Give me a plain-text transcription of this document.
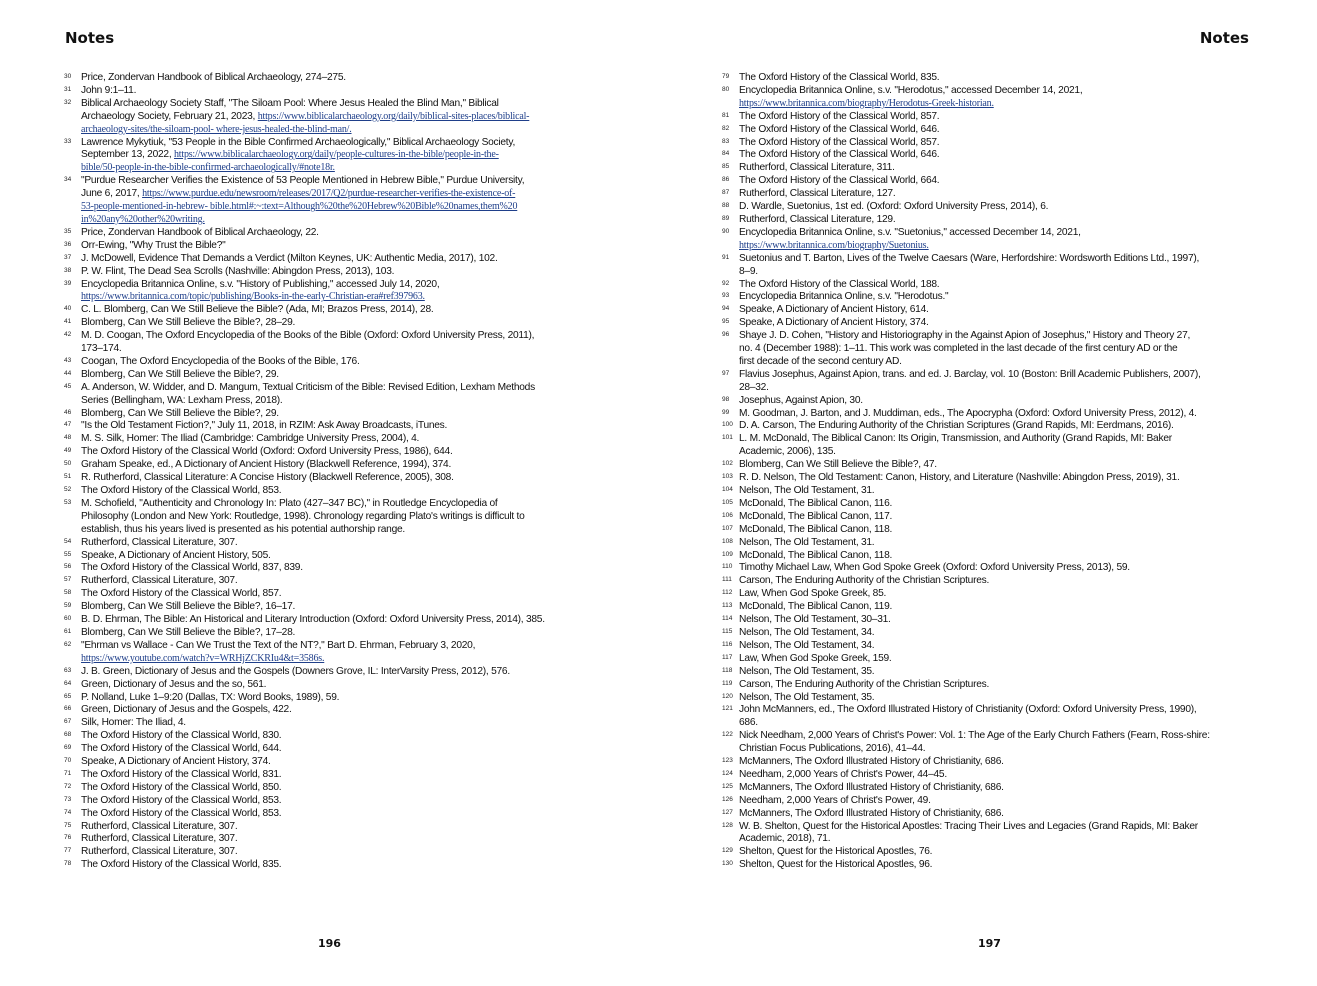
Notes
30 Price, Zondervan Handbook of Biblical Archaeology, 274–275.
31 John 9:1–11.
32 Biblical Archaeology Society Staff, "The Siloam Pool: Where Jesus Healed the Blind Man," Biblical
Archaeology Society, February 21, 2023, https://www.biblicalarchaeology.org/daily/biblical-sites-places/biblical-
archaeology-sites/the-siloam-pool- where-jesus-healed-the-blind-man/.
33 Lawrence Mykytiuk, "53 People in the Bible Confirmed Archaeologically," Biblical Archaeology Society,
September 13, 2022, https://www.biblicalarchaeology.org/daily/people-cultures-in-the-bible/people-in-the-
bible/50-people-in-the-bible-confirmed-archaeologically/#note18r.
34 "Purdue Researcher Verifies the Existence of 53 People Mentioned in Hebrew Bible," Purdue University,
June 6, 2017, https://www.purdue.edu/newsroom/releases/2017/Q2/purdue-researcher-verifies-the-existence-of-
53-people-mentioned-in-hebrew- bible.html#:~:text=Although%20the%20Hebrew%20Bible%20names,them%20
in%20any%20other%20writing.
35 Price, Zondervan Handbook of Biblical Archaeology, 22.
36 Orr-Ewing, "Why Trust the Bible?"
37 J. McDowell, Evidence That Demands a Verdict (Milton Keynes, UK: Authentic Media, 2017), 102.
38 P. W. Flint, The Dead Sea Scrolls (Nashville: Abingdon Press, 2013), 103.
39 Encyclopedia Britannica Online, s.v. "History of Publishing," accessed July 14, 2020,
https://www.britannica.com/topic/publishing/Books-in-the-early-Christian-era#ref397963.
40 C. L. Blomberg, Can We Still Believe the Bible? (Ada, MI; Brazos Press, 2014), 28.
41 Blomberg, Can We Still Believe the Bible?, 28–29.
42 M. D. Coogan, The Oxford Encyclopedia of the Books of the Bible (Oxford: Oxford University Press, 2011),
173–174.
43 Coogan, The Oxford Encyclopedia of the Books of the Bible, 176.
44 Blomberg, Can We Still Believe the Bible?, 29.
45 A. Anderson, W. Widder, and D. Mangum, Textual Criticism of the Bible: Revised Edition, Lexham Methods
Series (Bellingham, WA: Lexham Press, 2018).
46 Blomberg, Can We Still Believe the Bible?, 29.
47 "Is the Old Testament Fiction?," July 11, 2018, in RZIM: Ask Away Broadcasts, iTunes.
48 M. S. Silk, Homer: The Iliad (Cambridge: Cambridge University Press, 2004), 4.
49 The Oxford History of the Classical World (Oxford: Oxford University Press, 1986), 644.
50 Graham Speake, ed., A Dictionary of Ancient History (Blackwell Reference, 1994), 374.
51 R. Rutherford, Classical Literature: A Concise History (Blackwell Reference, 2005), 308.
52 The Oxford History of the Classical World, 853.
53 M. Schofield, "Authenticity and Chronology In: Plato (427–347 BC)," in Routledge Encyclopedia of
Philosophy (London and New York: Routledge, 1998). Chronology regarding Plato's writings is difficult to
establish, thus his years lived is presented as his potential authorship range.
54 Rutherford, Classical Literature, 307.
55 Speake, A Dictionary of Ancient History, 505.
56 The Oxford History of the Classical World, 837, 839.
57 Rutherford, Classical Literature, 307.
58 The Oxford History of the Classical World, 857.
59 Blomberg, Can We Still Believe the Bible?, 16–17.
60 B. D. Ehrman, The Bible: An Historical and Literary Introduction (Oxford: Oxford University Press, 2014), 385.
61 Blomberg, Can We Still Believe the Bible?, 17–28.
62 "Ehrman vs Wallace - Can We Trust the Text of the NT?," Bart D. Ehrman, February 3, 2020,
https://www.youtube.com/watch?v=WRHjZCKRIu4&t=3586s.
63 J. B. Green, Dictionary of Jesus and the Gospels (Downers Grove, IL: InterVarsity Press, 2012), 576.
64 Green, Dictionary of Jesus and the so, 561.
65 P. Nolland, Luke 1–9:20 (Dallas, TX: Word Books, 1989), 59.
66 Green, Dictionary of Jesus and the Gospels, 422.
67 Silk, Homer: The Iliad, 4.
68 The Oxford History of the Classical World, 830.
69 The Oxford History of the Classical World, 644.
70 Speake, A Dictionary of Ancient History, 374.
71 The Oxford History of the Classical World, 831.
72 The Oxford History of the Classical World, 850.
73 The Oxford History of the Classical World, 853.
74 The Oxford History of the Classical World, 853.
75 Rutherford, Classical Literature, 307.
76 Rutherford, Classical Literature, 307.
77 Rutherford, Classical Literature, 307.
78 The Oxford History of the Classical World, 835.
196
Notes
79 The Oxford History of the Classical World, 835.
80 Encyclopedia Britannica Online, s.v. "Herodotus," accessed December 14, 2021,
https://www.britannica.com/biography/Herodotus-Greek-historian.
81 The Oxford History of the Classical World, 857.
82 The Oxford History of the Classical World, 646.
83 The Oxford History of the Classical World, 857.
84 The Oxford History of the Classical World, 646.
85 Rutherford, Classical Literature, 311.
86 The Oxford History of the Classical World, 664.
87 Rutherford, Classical Literature, 127.
88 D. Wardle, Suetonius, 1st ed. (Oxford: Oxford University Press, 2014), 6.
89 Rutherford, Classical Literature, 129.
90 Encyclopedia Britannica Online, s.v. "Suetonius," accessed December 14, 2021,
https://www.britannica.com/biography/Suetonius.
91 Suetonius and T. Barton, Lives of the Twelve Caesars (Ware, Herfordshire: Wordsworth Editions Ltd., 1997),
8–9.
92 The Oxford History of the Classical World, 188.
93 Encyclopedia Britannica Online, s.v. "Herodotus."
94 Speake, A Dictionary of Ancient History, 614.
95 Speake, A Dictionary of Ancient History, 374.
96 Shaye J. D. Cohen, "History and Historiography in the Against Apion of Josephus," History and Theory 27,
no. 4 (December 1988): 1–11. This work was completed in the last decade of the first century AD or the
first decade of the second century AD.
97 Flavius Josephus, Against Apion, trans. and ed. J. Barclay, vol. 10 (Boston: Brill Academic Publishers, 2007),
28–32.
98 Josephus, Against Apion, 30.
99 M. Goodman, J. Barton, and J. Muddiman, eds., The Apocrypha (Oxford: Oxford University Press, 2012), 4.
100 D. A. Carson, The Enduring Authority of the Christian Scriptures (Grand Rapids, MI: Eerdmans, 2016).
101 L. M. McDonald, The Biblical Canon: Its Origin, Transmission, and Authority (Grand Rapids, MI: Baker
Academic, 2006), 135.
102 Blomberg, Can We Still Believe the Bible?, 47.
103 R. D. Nelson, The Old Testament: Canon, History, and Literature (Nashville: Abingdon Press, 2019), 31.
104 Nelson, The Old Testament, 31.
105 McDonald, The Biblical Canon, 116.
106 McDonald, The Biblical Canon, 117.
107 McDonald, The Biblical Canon, 118.
108 Nelson, The Old Testament, 31.
109 McDonald, The Biblical Canon, 118.
110 Timothy Michael Law, When God Spoke Greek (Oxford: Oxford University Press, 2013), 59.
111 Carson, The Enduring Authority of the Christian Scriptures.
112 Law, When God Spoke Greek, 85.
113 McDonald, The Biblical Canon, 119.
114 Nelson, The Old Testament, 30–31.
115 Nelson, The Old Testament, 34.
116 Nelson, The Old Testament, 34.
117 Law, When God Spoke Greek, 159.
118 Nelson, The Old Testament, 35.
119 Carson, The Enduring Authority of the Christian Scriptures.
120 Nelson, The Old Testament, 35.
121 John McManners, ed., The Oxford Illustrated History of Christianity (Oxford: Oxford University Press, 1990),
686.
122 Nick Needham, 2,000 Years of Christ's Power: Vol. 1: The Age of the Early Church Fathers (Fearn, Ross-shire:
Christian Focus Publications, 2016), 41–44.
123 McManners, The Oxford Illustrated History of Christianity, 686.
124 Needham, 2,000 Years of Christ's Power, 44–45.
125 McManners, The Oxford Illustrated History of Christianity, 686.
126 Needham, 2,000 Years of Christ's Power, 49.
127 McManners, The Oxford Illustrated History of Christianity, 686.
128 W. B. Shelton, Quest for the Historical Apostles: Tracing Their Lives and Legacies (Grand Rapids, MI: Baker
Academic, 2018), 71.
129 Shelton, Quest for the Historical Apostles, 76.
130 Shelton, Quest for the Historical Apostles, 96.
197
